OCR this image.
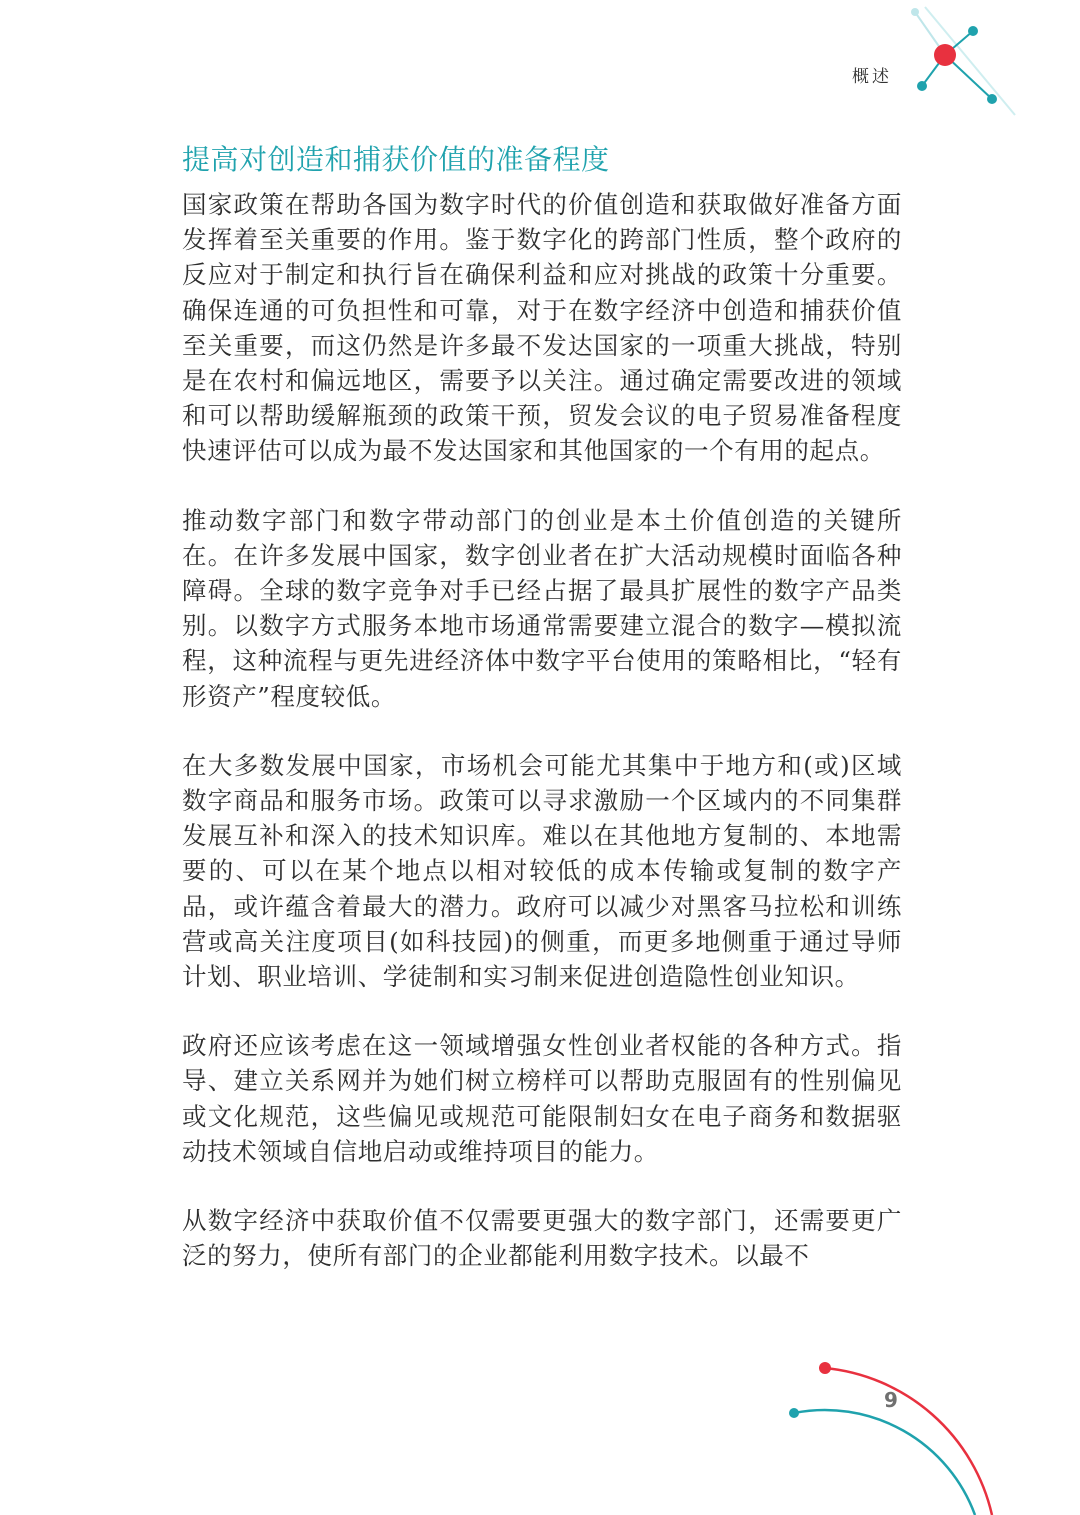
概述
提高对创造和捕获价值的准备程度

国家政策在帮助各国为数字时代的价值创造和获取做好准备方面发挥着至关重要的作用。鉴于数字化的跨部门性质，整个政府的反应对于制定和执行旨在确保利益和应对挑战的政策十分重要。确保连通的可负担性和可靠，对于在数字经济中创造和捕获价值至关重要，而这仍然是许多最不发达国家的一项重大挑战，特别是在农村和偏远地区，需要予以关注。通过确定需要改进的领域和可以帮助缓解瓶颈的政策干预，贸发会议的电子贸易准备程度快速评估可以成为最不发达国家和其他国家的一个有用的起点。

推动数字部门和数字带动部门的创业是本土价值创造的关键所在。在许多发展中国家，数字创业者在扩大活动规模时面临各种障碍。全球的数字竞争对手已经占据了最具扩展性的数字产品类别。以数字方式服务本地市场通常需要建立混合的数字—模拟流程，这种流程与更先进经济体中数字平台使用的策略相比，“轻有形资产”程度较低。

在大多数发展中国家，市场机会可能尤其集中于地方和(或)区域数字商品和服务市场。政策可以寻求激励一个区域内的不同集群发展互补和深入的技术知识库。难以在其他地方复制的、本地需要的、可以在某个地点以相对较低的成本传输或复制的数字产品，或许蕴含着最大的潜力。政府可以减少对黑客马拉松和训练营或高关注度项目(如科技园)的侧重，而更多地侧重于通过导师计划、职业培训、学徒制和实习制来促进创造隐性创业知识。

政府还应该考虑在这一领域增强女性创业者权能的各种方式。指导、建立关系网并为她们树立榜样可以帮助克服固有的性别偏见或文化规范，这些偏见或规范可能限制妇女在电子商务和数据驱动技术领域自信地启动或维持项目的能力。

从数字经济中获取价值不仅需要更强大的数字部门，还需要更广泛的努力，使所有部门的企业都能利用数字技术。以最不

9
